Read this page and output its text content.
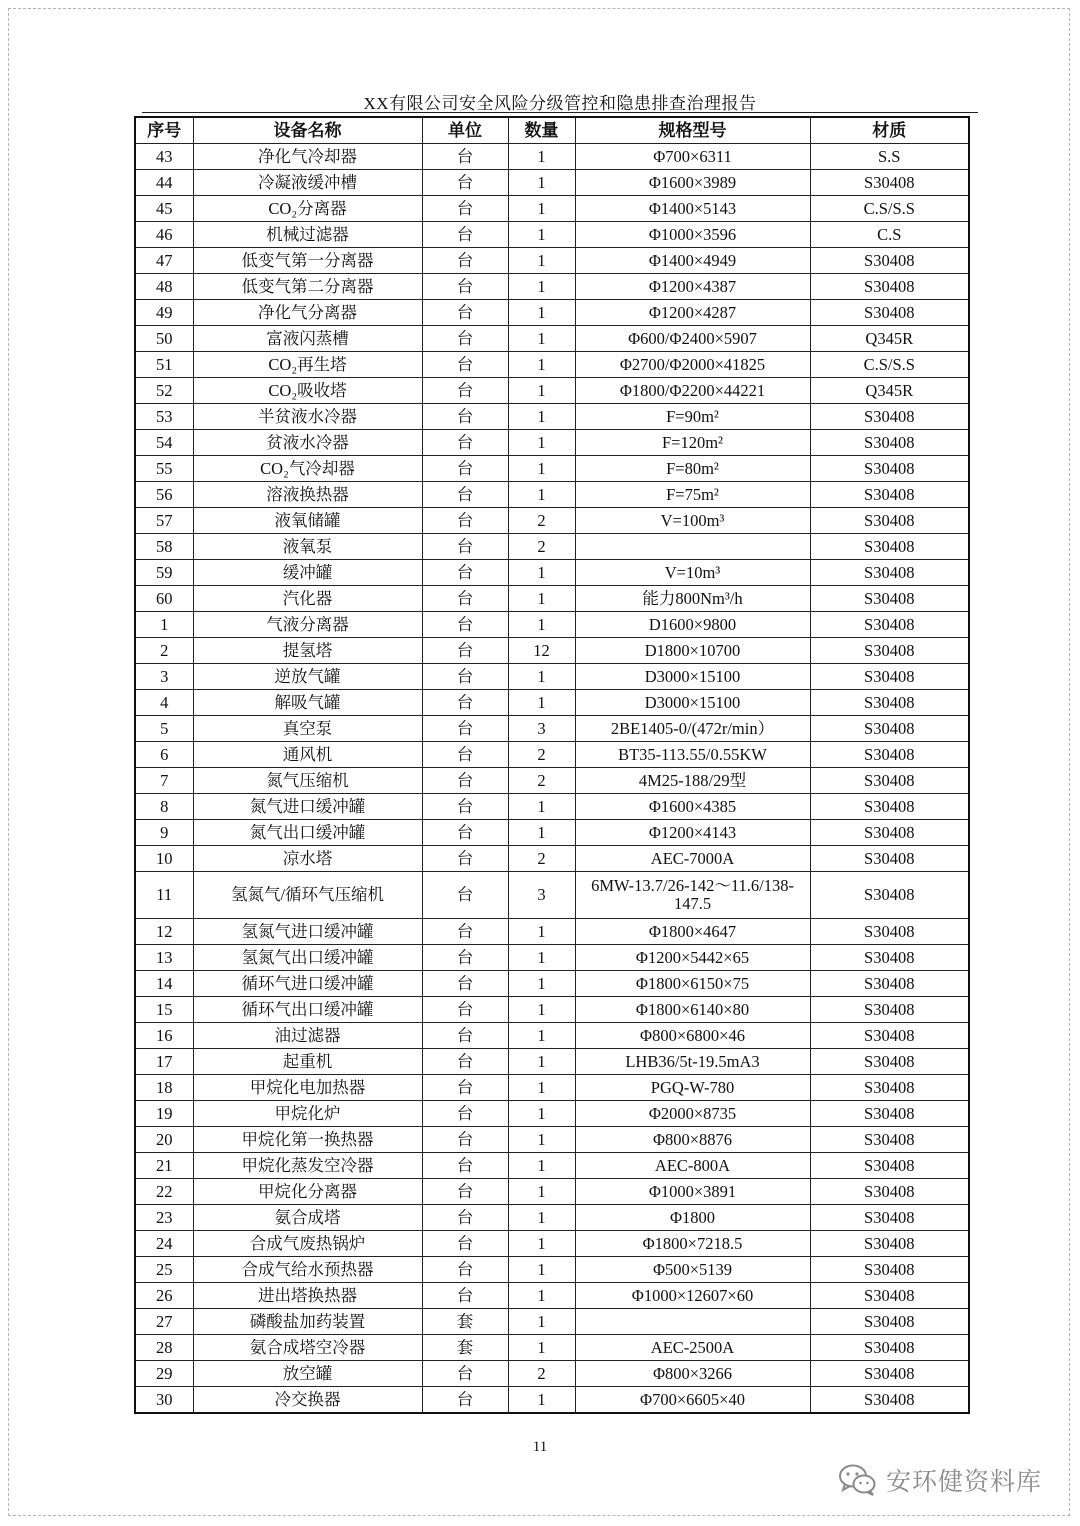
XX有限公司安全风险分级管控和隐患排查治理报告
序号	设备名称	单位	数量	规格型号	材质
43	净化气冷却器	台	1	Φ700×6311	S.S
44	冷凝液缓冲槽	台	1	Φ1600×3989	S30408
45	CO₂分离器	台	1	Φ1400×5143	C.S/S.S
46	机械过滤器	台	1	Φ1000×3596	C.S
47	低变气第一分离器	台	1	Φ1400×4949	S30408
48	低变气第二分离器	台	1	Φ1200×4387	S30408
49	净化气分离器	台	1	Φ1200×4287	S30408
50	富液闪蒸槽	台	1	Φ600/Φ2400×5907	Q345R
51	CO₂再生塔	台	1	Φ2700/Φ2000×41825	C.S/S.S
52	CO₂吸收塔	台	1	Φ1800/Φ2200×44221	Q345R
53	半贫液水冷器	台	1	F=90m²	S30408
54	贫液水冷器	台	1	F=120m²	S30408
55	CO₂气冷却器	台	1	F=80m²	S30408
56	溶液换热器	台	1	F=75m²	S30408
57	液氧储罐	台	2	V=100m³	S30408
58	液氧泵	台	2		S30408
59	缓冲罐	台	1	V=10m³	S30408
60	汽化器	台	1	能力800Nm³/h	S30408
1	气液分离器	台	1	D1600×9800	S30408
2	提氢塔	台	12	D1800×10700	S30408
3	逆放气罐	台	1	D3000×15100	S30408
4	解吸气罐	台	1	D3000×15100	S30408
5	真空泵	台	3	2BE1405-0/(472r/min）	S30408
6	通风机	台	2	BT35-113.55/0.55KW	S30408
7	氮气压缩机	台	2	4M25-188/29型	S30408
8	氮气进口缓冲罐	台	1	Φ1600×4385	S30408
9	氮气出口缓冲罐	台	1	Φ1200×4143	S30408
10	凉水塔	台	2	AEC-7000A	S30408
11	氢氮气/循环气压缩机	台	3	6MW-13.7/26-142～11.6/138-147.5	S30408
12	氢氮气进口缓冲罐	台	1	Φ1800×4647	S30408
13	氢氮气出口缓冲罐	台	1	Φ1200×5442×65	S30408
14	循环气进口缓冲罐	台	1	Φ1800×6150×75	S30408
15	循环气出口缓冲罐	台	1	Φ1800×6140×80	S30408
16	油过滤器	台	1	Φ800×6800×46	S30408
17	起重机	台	1	LHB36/5t-19.5mA3	S30408
18	甲烷化电加热器	台	1	PGQ-W-780	S30408
19	甲烷化炉	台	1	Φ2000×8735	S30408
20	甲烷化第一换热器	台	1	Φ800×8876	S30408
21	甲烷化蒸发空冷器	台	1	AEC-800A	S30408
22	甲烷化分离器	台	1	Φ1000×3891	S30408
23	氨合成塔	台	1	Φ1800	S30408
24	合成气废热锅炉	台	1	Φ1800×7218.5	S30408
25	合成气给水预热器	台	1	Φ500×5139	S30408
26	进出塔换热器	台	1	Φ1000×12607×60	S30408
27	磷酸盐加药装置	套	1		S30408
28	氨合成塔空冷器	套	1	AEC-2500A	S30408
29	放空罐	台	2	Φ800×3266	S30408
30	冷交换器	台	1	Φ700×6605×40	S30408
11
安环健资料库
